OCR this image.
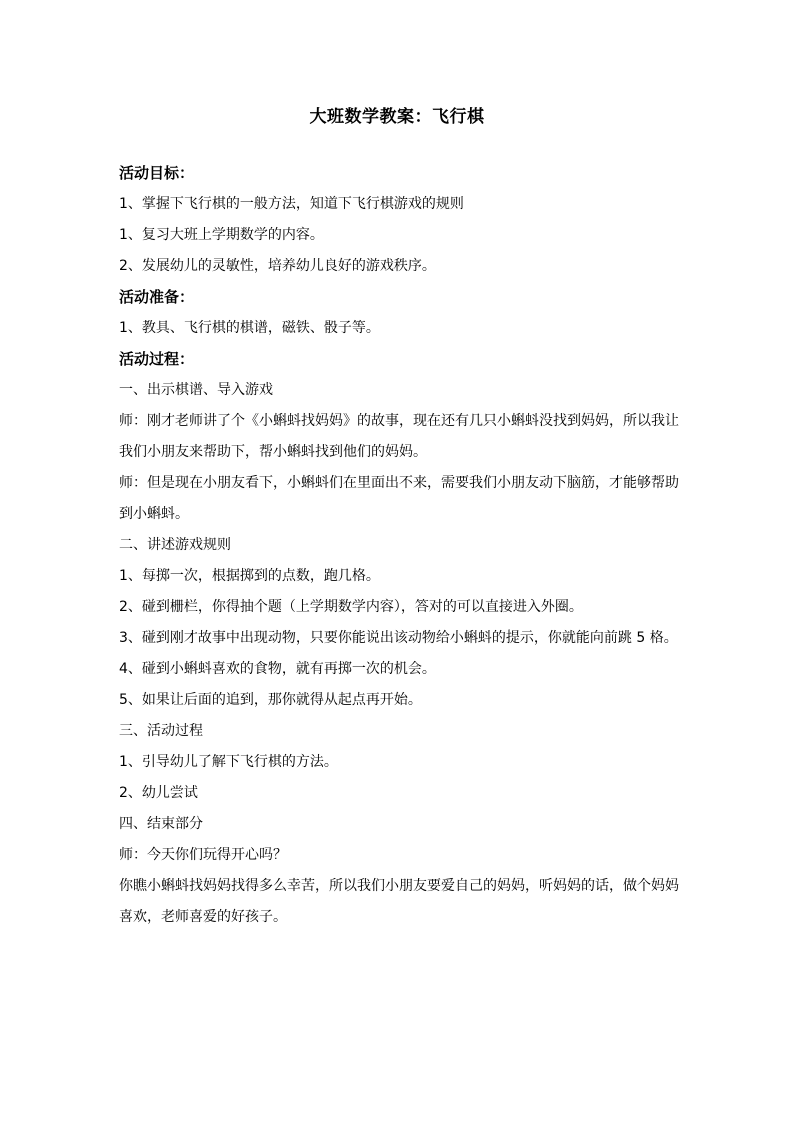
大班数学教案：飞行棋
活动目标：
1、掌握下飞行棋的一般方法，知道下飞行棋游戏的规则
1、复习大班上学期数学的内容。
2、发展幼儿的灵敏性，培养幼儿良好的游戏秩序。
活动准备：
1、教具、飞行棋的棋谱，磁铁、骰子等。
活动过程：
一、出示棋谱、导入游戏
师：刚才老师讲了个《小蝌蚪找妈妈》的故事，现在还有几只小蝌蚪没找到妈妈，所以我让我们小朋友来帮助下，帮小蝌蚪找到他们的妈妈。
师：但是现在小朋友看下，小蝌蚪们在里面出不来，需要我们小朋友动下脑筋，才能够帮助到小蝌蚪。
二、讲述游戏规则
1、每掷一次，根据掷到的点数，跑几格。
2、碰到栅栏，你得抽个题（上学期数学内容），答对的可以直接进入外圈。
3、碰到刚才故事中出现动物，只要你能说出该动物给小蝌蚪的提示，你就能向前跳 5 格。
4、碰到小蝌蚪喜欢的食物，就有再掷一次的机会。
5、如果让后面的追到，那你就得从起点再开始。
三、活动过程
1、引导幼儿了解下飞行棋的方法。
2、幼儿尝试
四、结束部分
师：今天你们玩得开心吗？
你瞧小蝌蚪找妈妈找得多么幸苦，所以我们小朋友要爱自己的妈妈，听妈妈的话，做个妈妈喜欢，老师喜爱的好孩子。
